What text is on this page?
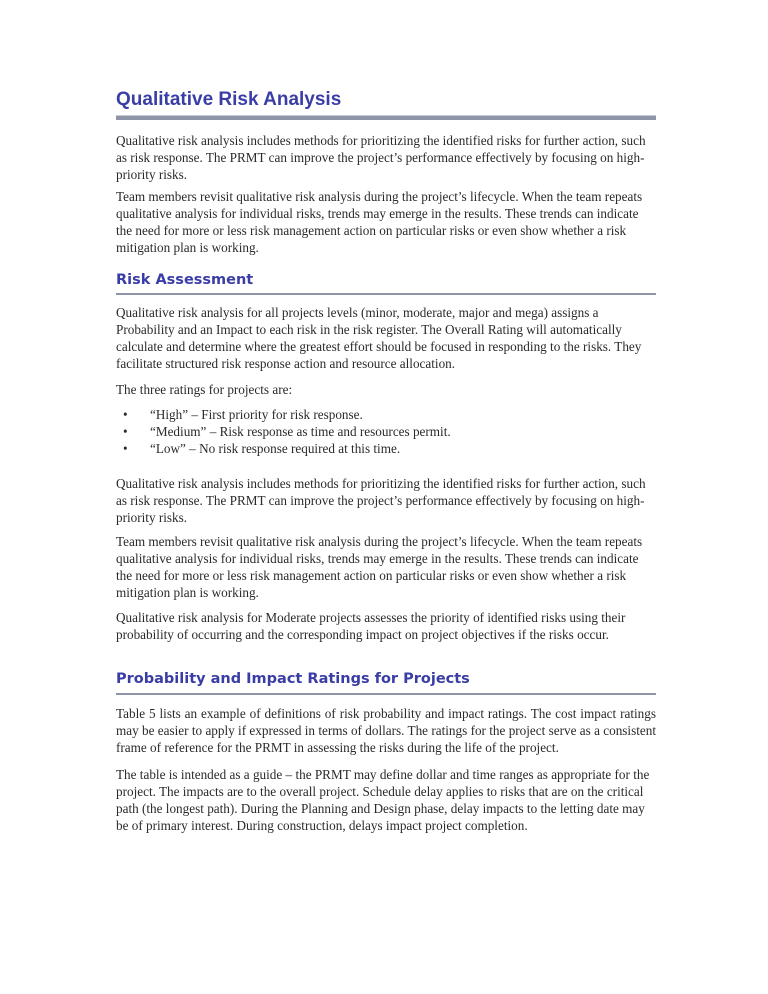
Qualitative Risk Analysis

Qualitative risk analysis includes methods for prioritizing the identified risks for further action, such as risk response. The PRMT can improve the project’s performance effectively by focusing on high-priority risks.

Team members revisit qualitative risk analysis during the project’s lifecycle. When the team repeats qualitative analysis for individual risks, trends may emerge in the results. These trends can indicate the need for more or less risk management action on particular risks or even show whether a risk mitigation plan is working.

Risk Assessment

Qualitative risk analysis for all projects levels (minor, moderate, major and mega) assigns a Probability and an Impact to each risk in the risk register. The Overall Rating will automatically calculate and determine where the greatest effort should be focused in responding to the risks. They facilitate structured risk response action and resource allocation.

The three ratings for projects are:

• “High” – First priority for risk response.
• “Medium” – Risk response as time and resources permit.
• “Low” – No risk response required at this time.

Qualitative risk analysis includes methods for prioritizing the identified risks for further action, such as risk response. The PRMT can improve the project’s performance effectively by focusing on high-priority risks.

Team members revisit qualitative risk analysis during the project’s lifecycle. When the team repeats qualitative analysis for individual risks, trends may emerge in the results. These trends can indicate the need for more or less risk management action on particular risks or even show whether a risk mitigation plan is working.

Qualitative risk analysis for Moderate projects assesses the priority of identified risks using their probability of occurring and the corresponding impact on project objectives if the risks occur.

Probability and Impact Ratings for Projects

Table 5 lists an example of definitions of risk probability and impact ratings. The cost impact ratings may be easier to apply if expressed in terms of dollars. The ratings for the project serve as a consistent frame of reference for the PRMT in assessing the risks during the life of the project.

The table is intended as a guide – the PRMT may define dollar and time ranges as appropriate for the project. The impacts are to the overall project. Schedule delay applies to risks that are on the critical path (the longest path). During the Planning and Design phase, delay impacts to the letting date may be of primary interest. During construction, delays impact project completion.
